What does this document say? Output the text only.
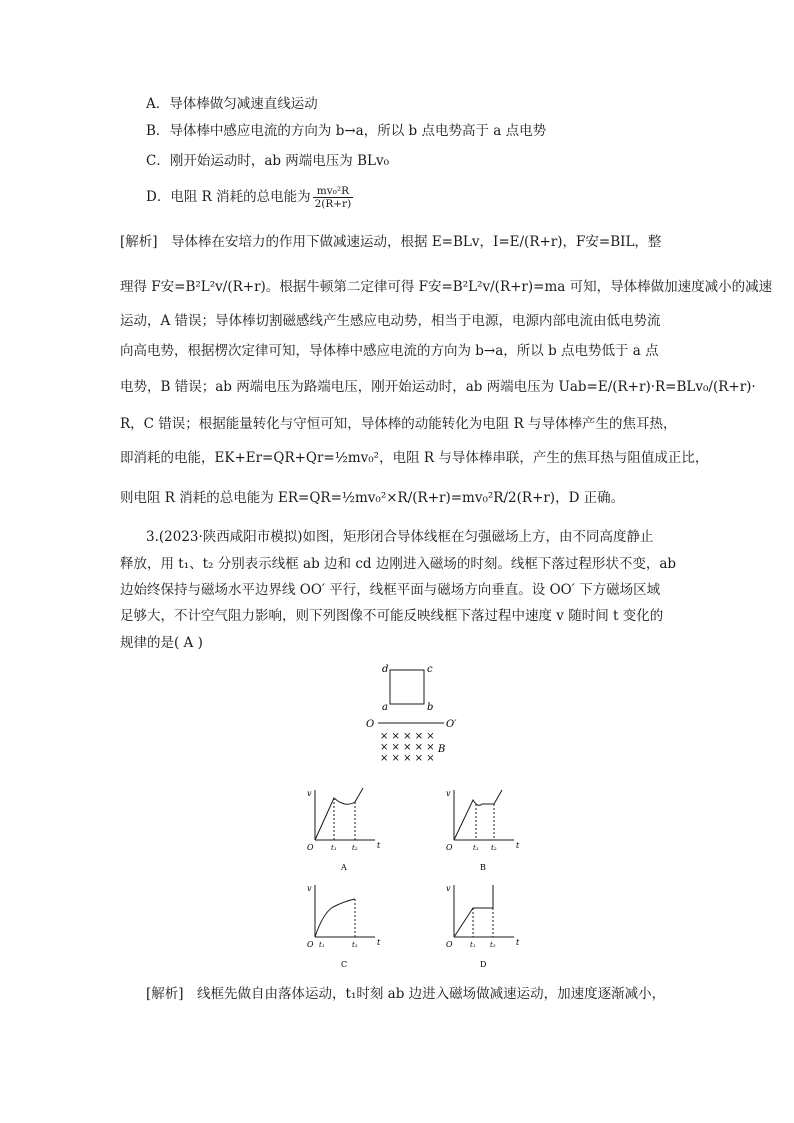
A．导体棒做匀减速直线运动
B．导体棒中感应电流的方向为 b→a，所以 b 点电势高于 a 点电势
C．刚开始运动时，ab 两端电压为 BLv₀
D．电阻 R 消耗的总电能为 $\frac{\text{mv₀²R}}{2(R+r)}$
[解析]　导体棒在安培力的作用下做减速运动，根据 E=BLv，I=E/(R+r)，F安=BIL，整
理得 F安=B²L²v/(R+r)。根据牛顿第二定律可得 F安=B²L²v/(R+r)=ma 可知，导体棒做加速度减小的减速
运动，A 错误；导体棒切割磁感线产生感应电动势，相当于电源，电源内部电流由低电势流
向高电势，根据楞次定律可知，导体棒中感应电流的方向为 b→a，所以 b 点电势低于 a 点
电势，B 错误；ab 两端电压为路端电压，刚开始运动时，ab 两端电压为 Uab=E/(R+r)·R=BLv₀/(R+r)·
R，C 错误；根据能量转化与守恒可知，导体棒的动能转化为电阻 R 与导体棒产生的焦耳热，
即消耗的电能，EK+Er=QR+Qr=½mv₀²，电阻 R 与导体棒串联，产生的焦耳热与阻值成正比，
则电阻 R 消耗的总电能为 ER=QR=½mv₀²×R/(R+r)=mv₀²R/2(R+r)，D 正确。
3.(2023·陕西咸阳市模拟)如图，矩形闭合导体线框在匀强磁场上方，由不同高度静止
释放，用 t₁、t₂ 分别表示线框 ab 边和 cd 边刚进入磁场的时刻。线框下落过程形状不变，ab
边始终保持与磁场水平边界线 OO′ 平行，线框平面与磁场方向垂直。设 OO′ 下方磁场区域
足够大，不计空气阻力影响，则下列图像不可能反映线框下落过程中速度 v 随时间 t 变化的
规律的是( A )
d	c
a	b
O	O′
× × × × ×
× × × × ×
× × × × ×
B
v
t
O t₁ t₂
A
v
t
O	t₁ t₂
B
v
t
O t₁	t₂
C
v
t
O t₁ t₂
D
[解析]　线框先做自由落体运动，t₁时刻 ab 边进入磁场做减速运动，加速度逐渐减小，
